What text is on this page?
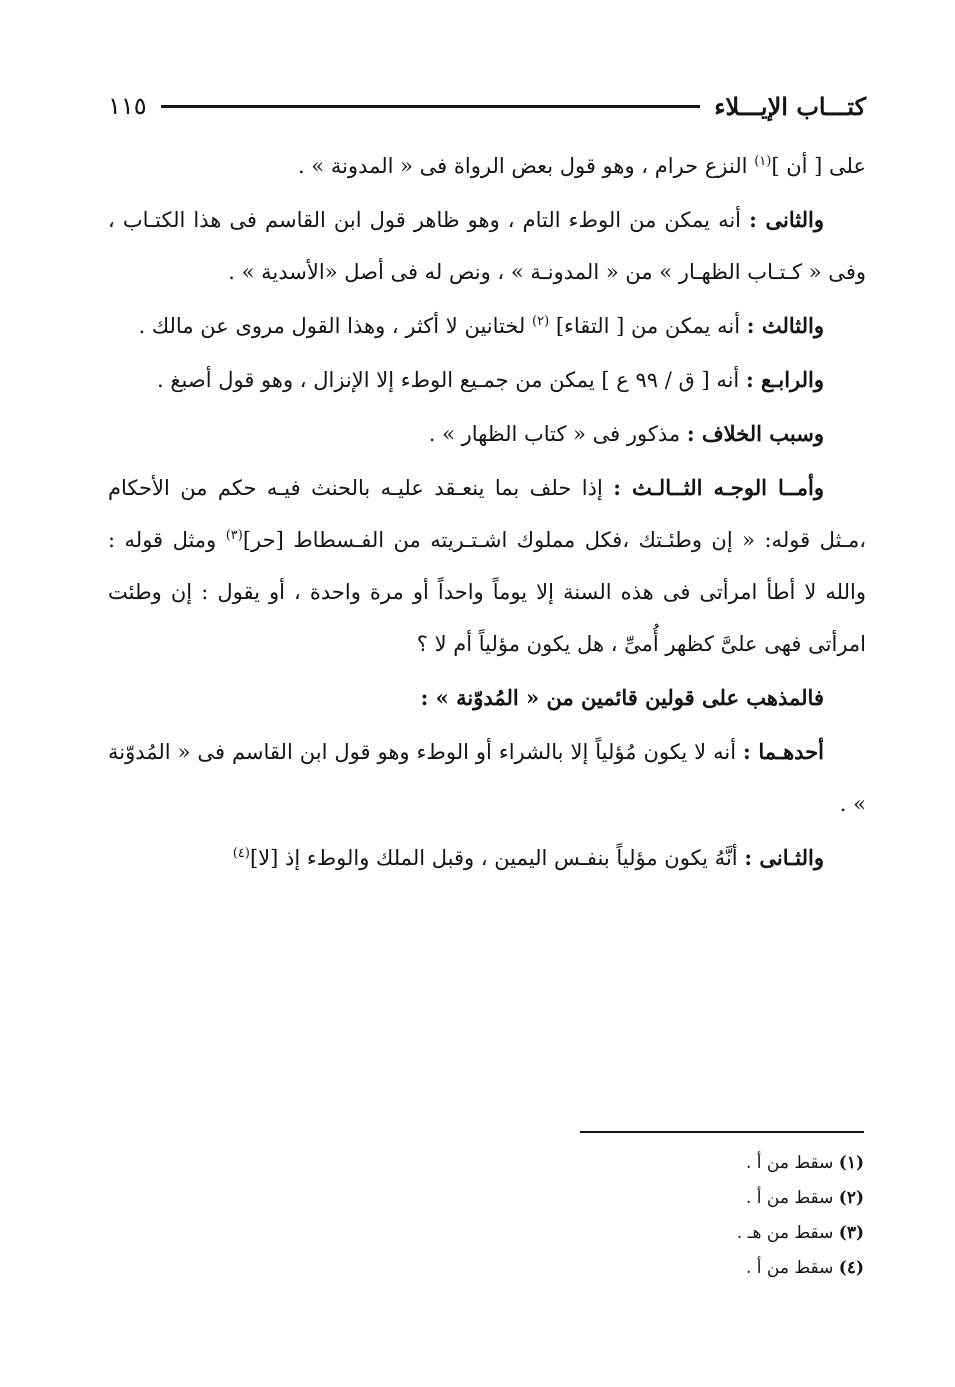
كتـــاب الإيـــلاء
١١٥

على [ أن ]$^{(١)}$ النزع حرام ، وهو قول بعض الرواة فى « المدونة » .

والثانى : أنه يمكن من الوطء التام ، وهو ظاهر قول ابن القاسم فى هذا الكتـاب ، وفى « كـتـاب الظهـار » من « المدونـة » ، ونص له فى أصل «الأسدية » .

والثالث : أنه يمكن من [ التقاء] $^{(٢)}$ لختانين لا أكثر ، وهذا القول مروى عن مالك .

والرابـع : أنه [ ق / ٩٩ ع ] يمكن من جمـيع الوطء إلا الإنزال ، وهو قول أصبغ .

وسبب الخلاف : مذكور فى « كتاب الظهار » .

وأمــا الوجـه الثــالـث : إذا حلف بما ينعـقد عليـه بالحنث فيـه حكم من الأحكام ،مـثل قوله: « إن وطئـتك ،فكل مملوك اشـتـريته من الفـسطاط [حر]$^{(٣)}$ ومثل قوله : والله لا أطأ امرأتى فى هذه السنة إلا يوماً واحداً أو مرة واحدة ، أو يقول : إن وطئت امرأتى فهى علىَّ كظهر أُمىِّ ، هل يكون مؤلياً أم لا ؟

فالمذهب على قولين قائمين من « المُدوّنة » :

أحدهـما : أنه لا يكون مُؤلياً إلا بالشراء أو الوطء وهو قول ابن القاسم فى « المُدوّنة » .

والثـانى : أنَّهُ يكون مؤلياً بنفـس اليمين ، وقبل الملك والوطء إذ [لا]$^{(٤)}$

(١) سقط من أ .
(٢) سقط من أ .
(٣) سقط من هـ .
(٤) سقط من أ .
